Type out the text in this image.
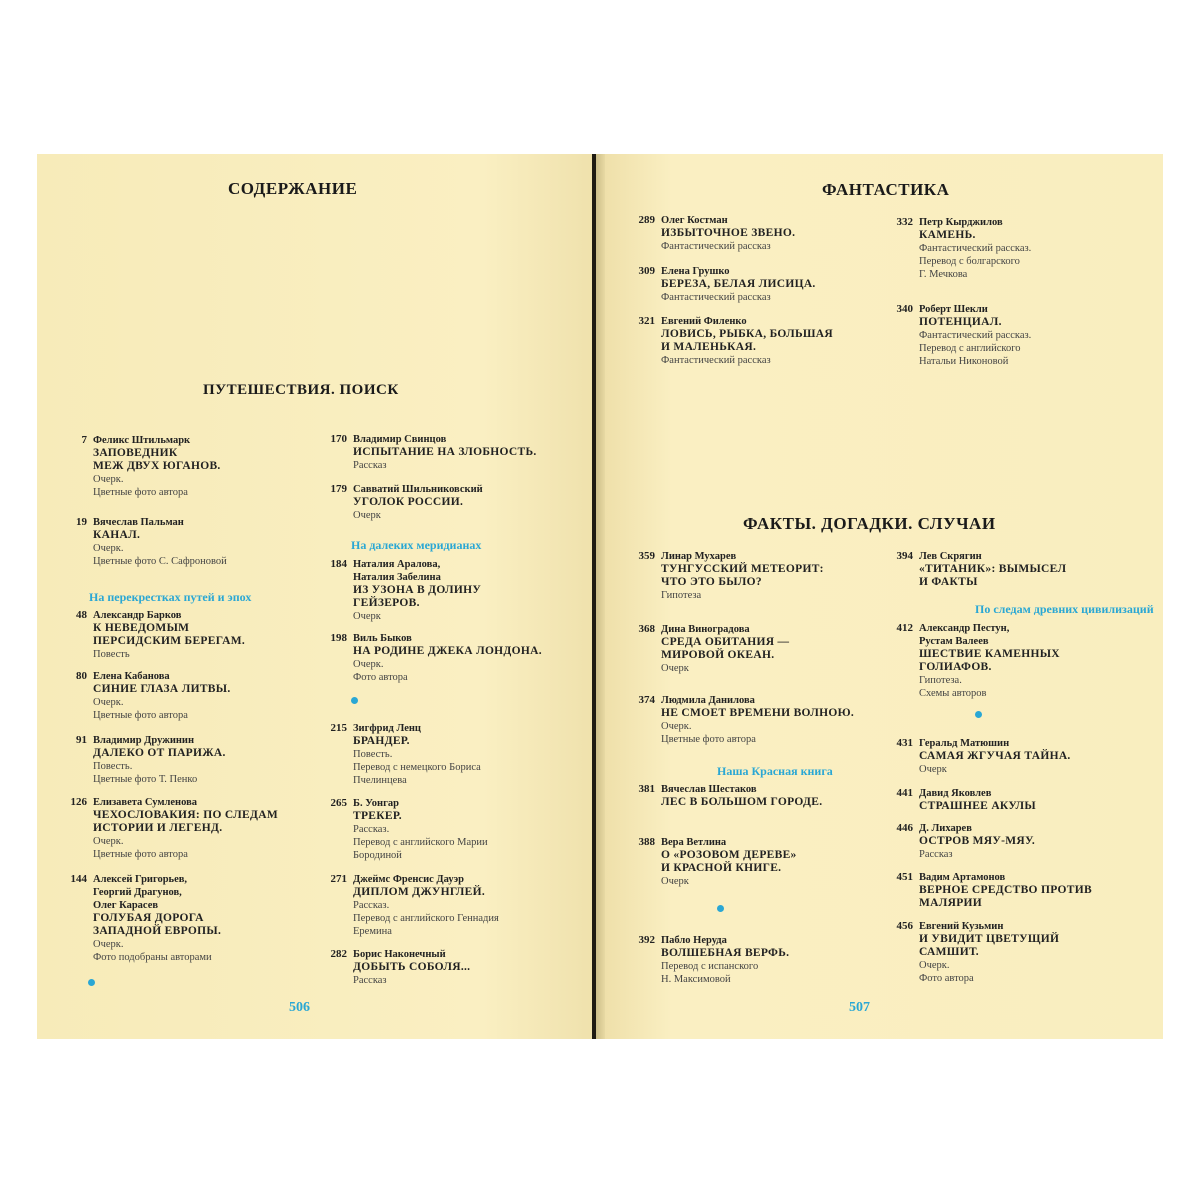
СОДЕРЖАНИЕ
ПУТЕШЕСТВИЯ. ПОИСК
7 Феликс Штильмарк
ЗАПОВЕДНИК
МЕЖ ДВУХ ЮГАНОВ.
Очерк.
Цветные фото автора
19 Вячеслав Пальман
КАНАЛ.
Очерк.
Цветные фото С. Сафроновой
На перекрестках путей и эпох
48 Александр Барков
К НЕВЕДОМЫМ
ПЕРСИДСКИМ БЕРЕГАМ.
Повесть
80 Елена Кабанова
СИНИЕ ГЛАЗА ЛИТВЫ.
Очерк.
Цветные фото автора
91 Владимир Дружинин
ДАЛЕКО ОТ ПАРИЖА.
Повесть.
Цветные фото Т. Пенко
126 Елизавета Сумленова
ЧЕХОСЛОВАКИЯ: ПО СЛЕДАМ
ИСТОРИИ И ЛЕГЕНД.
Очерк.
Цветные фото автора
144 Алексей Григорьев,
Георгий Драгунов,
Олег Карасев
ГОЛУБАЯ ДОРОГА
ЗАПАДНОЙ ЕВРОПЫ.
Очерк.
Фото подобраны авторами
170 Владимир Свинцов
ИСПЫТАНИЕ НА ЗЛОБНОСТЬ.
Рассказ
179 Савватий Шильниковский
УГОЛОК РОССИИ.
Очерк
На далеких меридианах
184 Наталия Аралова,
Наталия Забелина
ИЗ УЗОНА В ДОЛИНУ
ГЕЙЗЕРОВ.
Очерк
198 Виль Быков
НА РОДИНЕ ДЖЕКА ЛОНДОНА.
Очерк.
Фото автора
215 Зигфрид Ленц
БРАНДЕР.
Повесть.
Перевод с немецкого Бориса
Пчелинцева
265 Б. Уонгар
ТРЕКЕР.
Рассказ.
Перевод с английского Марии
Бородиной
271 Джеймс Френсис Дауэр
ДИПЛОМ ДЖУНГЛЕЙ.
Рассказ.
Перевод с английского Геннадия
Еремина
282 Борис Наконечный
ДОБЫТЬ СОБОЛЯ...
Рассказ
506
ФАНТАСТИКА
289 Олег Костман
ИЗБЫТОЧНОЕ ЗВЕНО.
Фантастический рассказ
309 Елена Грушко
БЕРЕЗА, БЕЛАЯ ЛИСИЦА.
Фантастический рассказ
321 Евгений Филенко
ЛОВИСЬ, РЫБКА, БОЛЬШАЯ
И МАЛЕНЬКАЯ.
Фантастический рассказ
332 Петр Кырджилов
КАМЕНЬ.
Фантастический рассказ.
Перевод с болгарского
Г. Мечкова
340 Роберт Шекли
ПОТЕНЦИАЛ.
Фантастический рассказ.
Перевод с английского
Натальи Никоновой
ФАКТЫ. ДОГАДКИ. СЛУЧАИ
359 Линар Мухарев
ТУНГУССКИЙ МЕТЕОРИТ:
ЧТО ЭТО БЫЛО?
Гипотеза
368 Дина Виноградова
СРЕДА ОБИТАНИЯ —
МИРОВОЙ ОКЕАН.
Очерк
374 Людмила Данилова
НЕ СМОЕТ ВРЕМЕНИ ВОЛНОЮ.
Очерк.
Цветные фото автора
Наша Красная книга
381 Вячеслав Шестаков
ЛЕС В БОЛЬШОМ ГОРОДЕ.
388 Вера Ветлина
О «РОЗОВОМ ДЕРЕВЕ»
И КРАСНОЙ КНИГЕ.
Очерк
392 Пабло Неруда
ВОЛШЕБНАЯ ВЕРФЬ.
Перевод с испанского
Н. Максимовой
394 Лев Скрягин
«ТИТАНИК»: ВЫМЫСЕЛ
И ФАКТЫ
По следам древних цивилизаций
412 Александр Пестун,
Рустам Валеев
ШЕСТВИЕ КАМЕННЫХ
ГОЛИАФОВ.
Гипотеза.
Схемы авторов
431 Геральд Матюшин
САМАЯ ЖГУЧАЯ ТАЙНА.
Очерк
441 Давид Яковлев
СТРАШНЕЕ АКУЛЫ
446 Д. Лихарев
ОСТРОВ МЯУ-МЯУ.
Рассказ
451 Вадим Артамонов
ВЕРНОЕ СРЕДСТВО ПРОТИВ
МАЛЯРИИ
456 Евгений Кузьмин
И УВИДИТ ЦВЕТУЩИЙ
САМШИТ.
Очерк.
Фото автора
507
